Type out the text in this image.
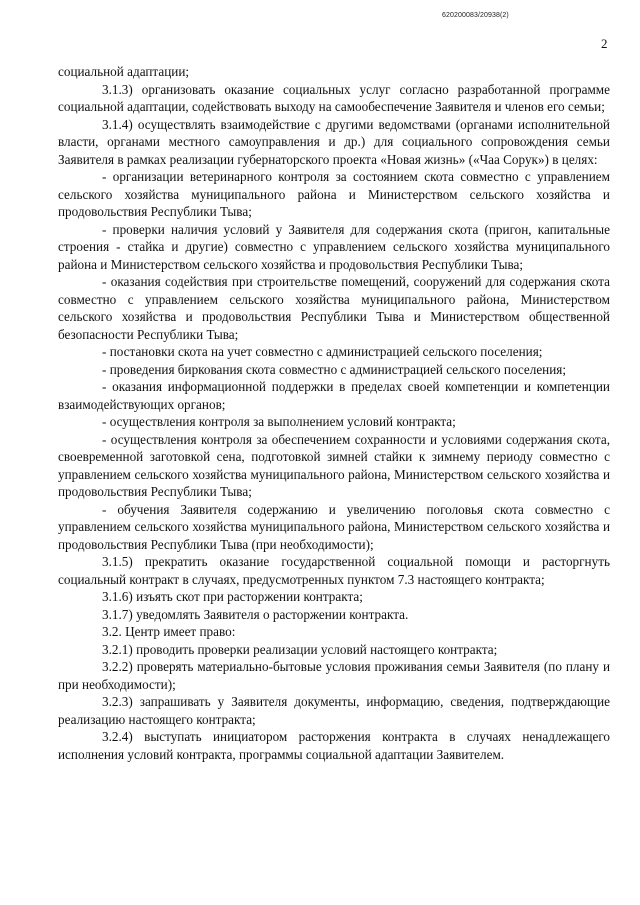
620200083/20938(2)
2

социальной адаптации;

3.1.3) организовать оказание социальных услуг согласно разработанной программе социальной адаптации, содействовать выходу на самообеспечение Заявителя и членов его семьи;

3.1.4) осуществлять взаимодействие с другими ведомствами (органами исполнительной власти, органами местного самоуправления и др.) для социального сопровождения семьи Заявителя в рамках реализации губернаторского проекта «Новая жизнь» («Чаа Сорук») в целях:

- организации ветеринарного контроля за состоянием скота совместно с управлением сельского хозяйства муниципального района и Министерством сельского хозяйства и продовольствия Республики Тыва;

- проверки наличия условий у Заявителя для содержания скота (пригон, капитальные строения - стайка и другие) совместно с управлением сельского хозяйства муниципального района и Министерством сельского хозяйства и продовольствия Республики Тыва;

- оказания содействия при строительстве помещений, сооружений для содержания скота совместно с управлением сельского хозяйства муниципального района, Министерством сельского хозяйства и продовольствия Республики Тыва и Министерством общественной безопасности Республики Тыва;

- постановки скота на учет совместно с администрацией сельского поселения;

- проведения биркования скота совместно с администрацией сельского поселения;

- оказания информационной поддержки в пределах своей компетенции и компетенции взаимодействующих органов;

- осуществления контроля за выполнением условий контракта;

- осуществления контроля за обеспечением сохранности и условиями содержания скота, своевременной заготовкой сена, подготовкой зимней стайки к зимнему периоду совместно с управлением сельского хозяйства муниципального района, Министерством сельского хозяйства и продовольствия Республики Тыва;

- обучения Заявителя содержанию и увеличению поголовья скота совместно с управлением сельского хозяйства муниципального района, Министерством сельского хозяйства и продовольствия Республики Тыва (при необходимости);

3.1.5) прекратить оказание государственной социальной помощи и расторгнуть социальный контракт в случаях, предусмотренных пунктом 7.3 настоящего контракта;

3.1.6) изъять скот при расторжении контракта;

3.1.7) уведомлять Заявителя о расторжении контракта.

3.2. Центр имеет право:

3.2.1) проводить проверки реализации условий настоящего контракта;

3.2.2) проверять материально-бытовые условия проживания семьи Заявителя (по плану и при необходимости);

3.2.3) запрашивать у Заявителя документы, информацию, сведения, подтверждающие реализацию настоящего контракта;

3.2.4) выступать инициатором расторжения контракта в случаях ненадлежащего исполнения условий контракта, программы социальной адаптации Заявителем.
